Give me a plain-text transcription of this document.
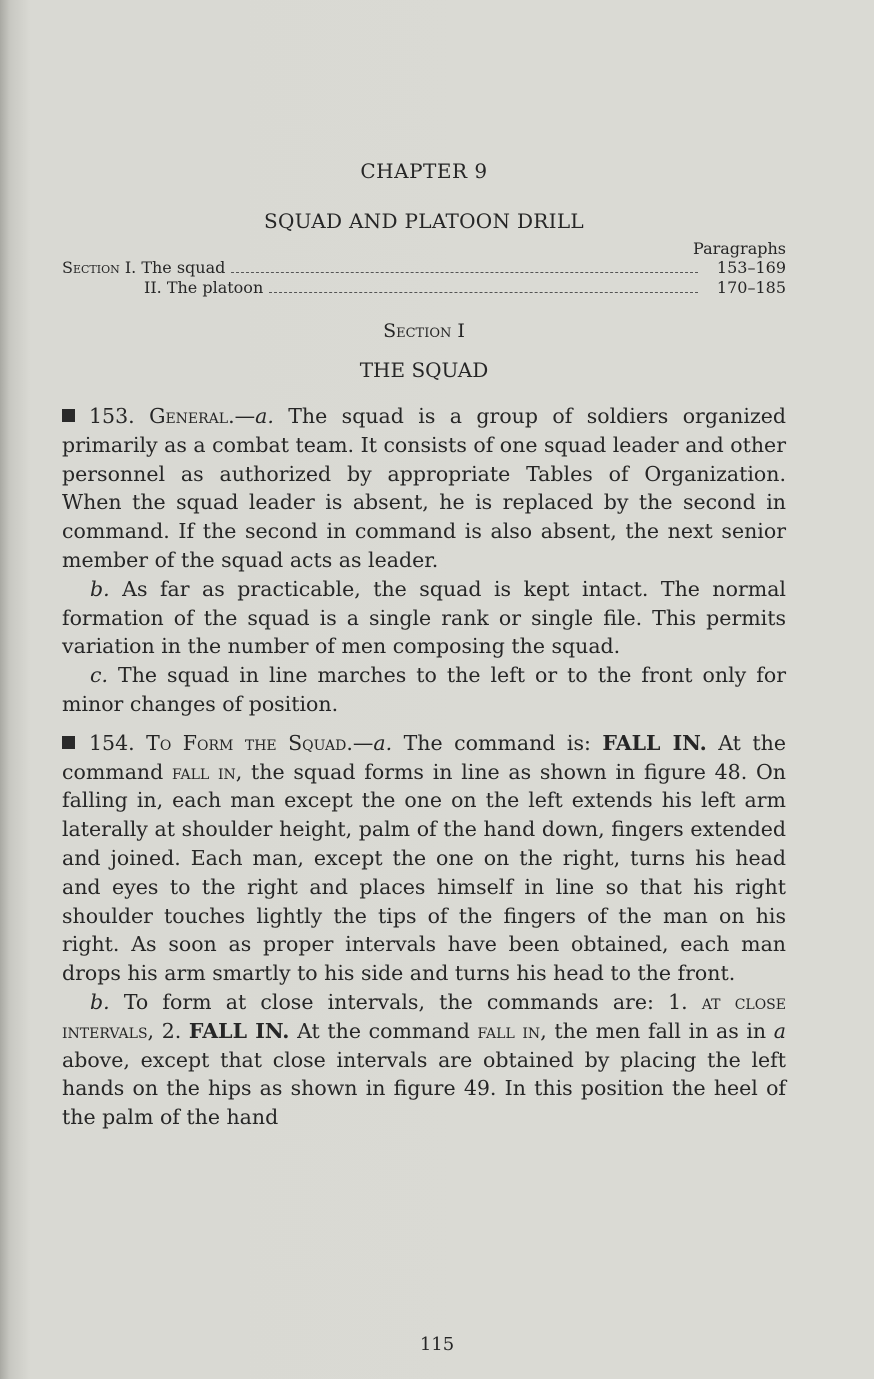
CHAPTER 9
SQUAD AND PLATOON DRILL
Paragraphs
Section I. The squad	153–169
II. The platoon	170–185
Section I
THE SQUAD

153. General.—a. The squad is a group of soldiers organized primarily as a combat team. It consists of one squad leader and other personnel as authorized by appropriate Tables of Organization. When the squad leader is absent, he is replaced by the second in command. If the second in command is also absent, the next senior member of the squad acts as leader.

b. As far as practicable, the squad is kept intact. The normal formation of the squad is a single rank or single file. This permits variation in the number of men composing the squad.

c. The squad in line marches to the left or to the front only for minor changes of position.

154. To Form the Squad.—a. The command is: FALL IN. At the command fall in, the squad forms in line as shown in figure 48. On falling in, each man except the one on the left extends his left arm laterally at shoulder height, palm of the hand down, fingers extended and joined. Each man, except the one on the right, turns his head and eyes to the right and places himself in line so that his right shoulder touches lightly the tips of the fingers of the man on his right. As soon as proper intervals have been obtained, each man drops his arm smartly to his side and turns his head to the front.

b. To form at close intervals, the commands are: 1. at close intervals, 2. FALL IN. At the command fall in, the men fall in as in a above, except that close intervals are obtained by placing the left hands on the hips as shown in figure 49. In this position the heel of the palm of the hand

115
